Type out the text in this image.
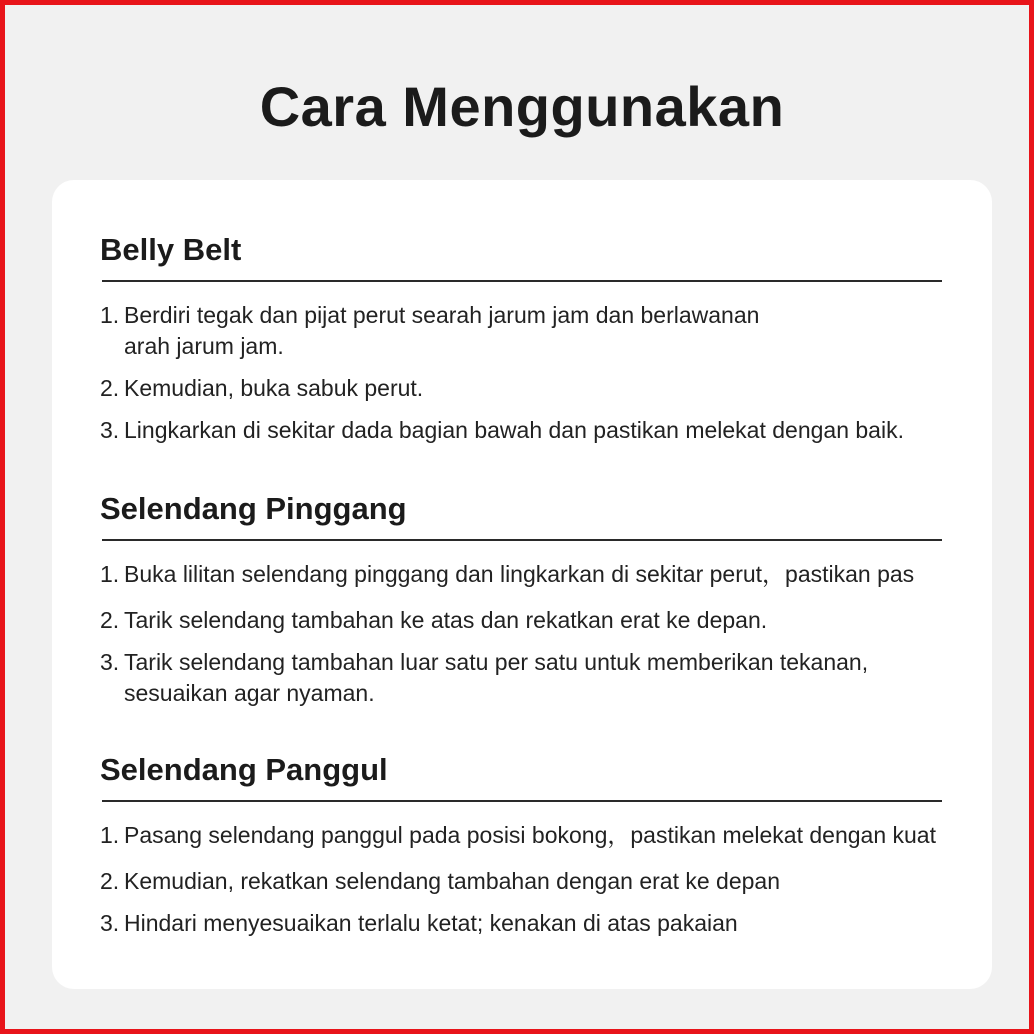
Cara Menggunakan
Belly Belt
1. Berdiri tegak dan pijat perut searah jarum jam dan berlawanan
arah jarum jam.
2. Kemudian, buka sabuk perut.
3. Lingkarkan di sekitar dada bagian bawah dan pastikan melekat dengan baik.
Selendang Pinggang
1. Buka lilitan selendang pinggang dan lingkarkan di sekitar perut，pastikan pas
2. Tarik selendang tambahan ke atas dan rekatkan erat ke depan.
3. Tarik selendang tambahan luar satu per satu untuk memberikan tekanan,
sesuaikan agar nyaman.
Selendang Panggul
1. Pasang selendang panggul pada posisi bokong，pastikan melekat dengan kuat
2. Kemudian, rekatkan selendang tambahan dengan erat ke depan
3. Hindari menyesuaikan terlalu ketat; kenakan di atas pakaian
